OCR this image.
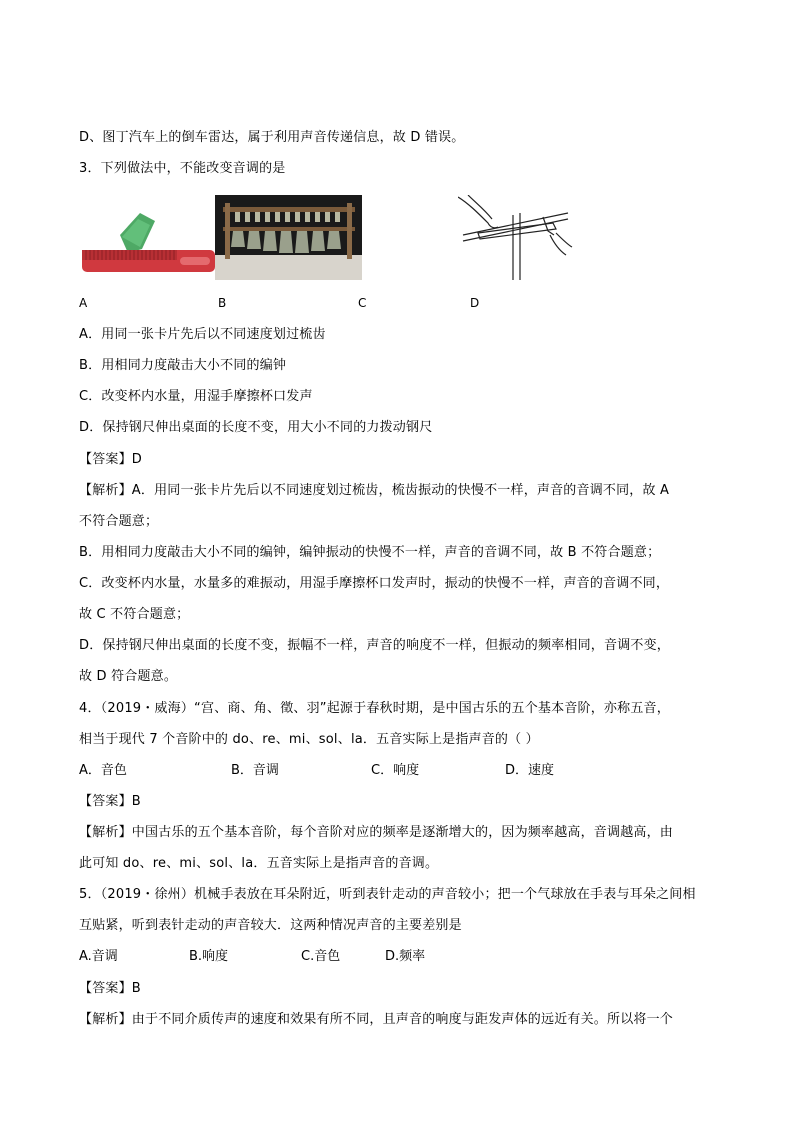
D、图丁汽车上的倒车雷达，属于利用声音传递信息，故 D 错误。
3．下列做法中，不能改变音调的是
A	B	C	D
A．用同一张卡片先后以不同速度划过梳齿
B．用相同力度敲击大小不同的编钟
C．改变杯内水量，用湿手摩擦杯口发声
D．保持钢尺伸出桌面的长度不变，用大小不同的力拨动钢尺
【答案】D
【解析】A．用同一张卡片先后以不同速度划过梳齿，梳齿振动的快慢不一样，声音的音调不同，故 A
不符合题意；
B．用相同力度敲击大小不同的编钟，编钟振动的快慢不一样，声音的音调不同，故 B 不符合题意；
C．改变杯内水量，水量多的难振动，用湿手摩擦杯口发声时，振动的快慢不一样，声音的音调不同，
故 C 不符合题意；
D．保持钢尺伸出桌面的长度不变，振幅不一样，声音的响度不一样，但振动的频率相同，音调不变，
故 D 符合题意。
4．（2019・威海）“宫、商、角、徵、羽”起源于春秋时期，是中国古乐的五个基本音阶，亦称五音，
相当于现代 7 个音阶中的 do、re、mi、sol、la．五音实际上是指声音的（ ）
A．音色	B．音调	C．响度	D．速度
【答案】B
【解析】中国古乐的五个基本音阶，每个音阶对应的频率是逐渐增大的，因为频率越高，音调越高，由
此可知 do、re、mi、sol、la．五音实际上是指声音的音调。
5．（2019・徐州）机械手表放在耳朵附近，听到表针走动的声音较小；把一个气球放在手表与耳朵之间相
互贴紧，听到表针走动的声音较大．这两种情况声音的主要差别是
A.音调	B.响度	C.音色	D.频率
【答案】B
【解析】由于不同介质传声的速度和效果有所不同，且声音的响度与距发声体的远近有关。所以将一个
